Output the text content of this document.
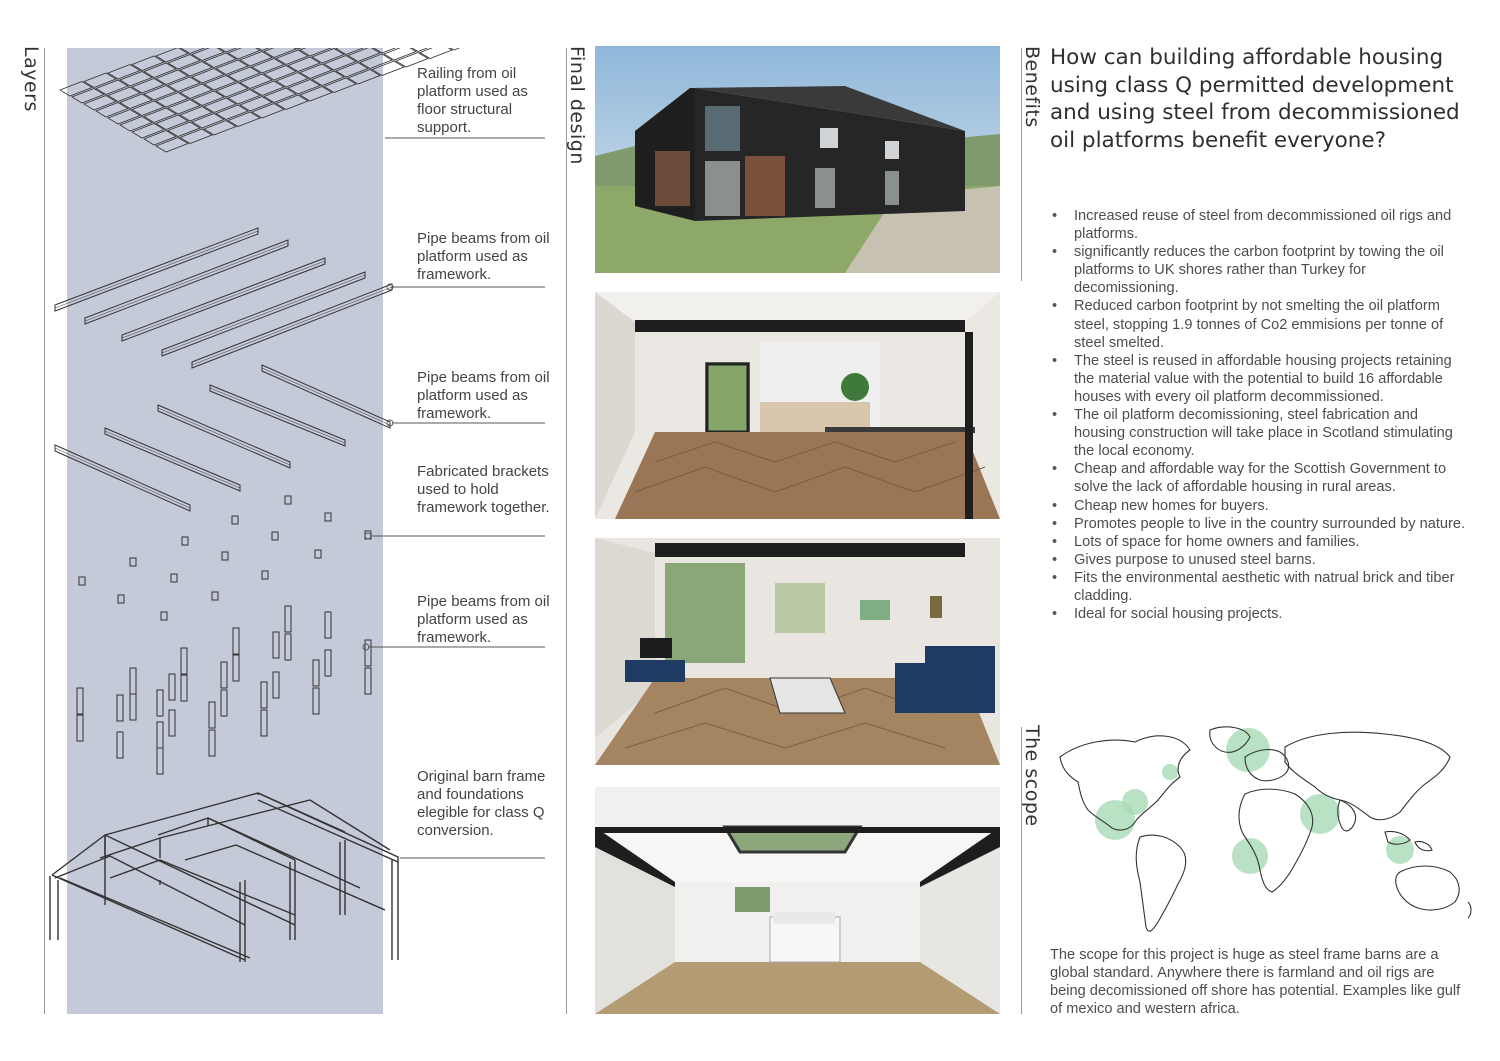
Layers	Railing from oil platform used as floor structural support.
Pipe beams from oil platform used as framework.
Pipe beams from oil platform used as framework.
Fabricated brackets used to hold framework together.
Pipe beams from oil platform used as framework.
Original barn frame and foundations elegible for class Q conversion.
Final design	Benefits How can building affordable housing using class Q permitted development and using steel from decommissioned oil platforms benefit everyone?
• Increased reuse of steel from decommissioned oil rigs and platforms.
• significantly reduces the carbon footprint by towing the oil platforms to UK shores rather than Turkey for decomissioning.
• Reduced carbon footprint by not smelting the oil platform steel, stopping 1.9 tonnes of Co2 emmisions per tonne of steel smelted.
• The steel is reused in affordable housing projects retaining the material value with the potential to build 16 affordable houses with every oil platform decommissioned.
• The oil platform decomissioning, steel fabrication and housing construction will take place in Scotland stimulating the local economy.
• Cheap and affordable way for the Scottish Government to solve the lack of affordable housing in rural areas.
• Cheap new homes for buyers.
• Promotes people to live in the country surrounded by nature.
• Lots of space for home owners and families.
• Gives purpose to unused steel barns.
• Fits the environmental aesthetic with natrual brick and tiber cladding.
• Ideal for social housing projects.
The scope
The scope for this project is huge as steel frame barns are a global standard. Anywhere there is farmland and oil rigs are being decomissioned off shore has potential. Examples like gulf of mexico and western africa.
